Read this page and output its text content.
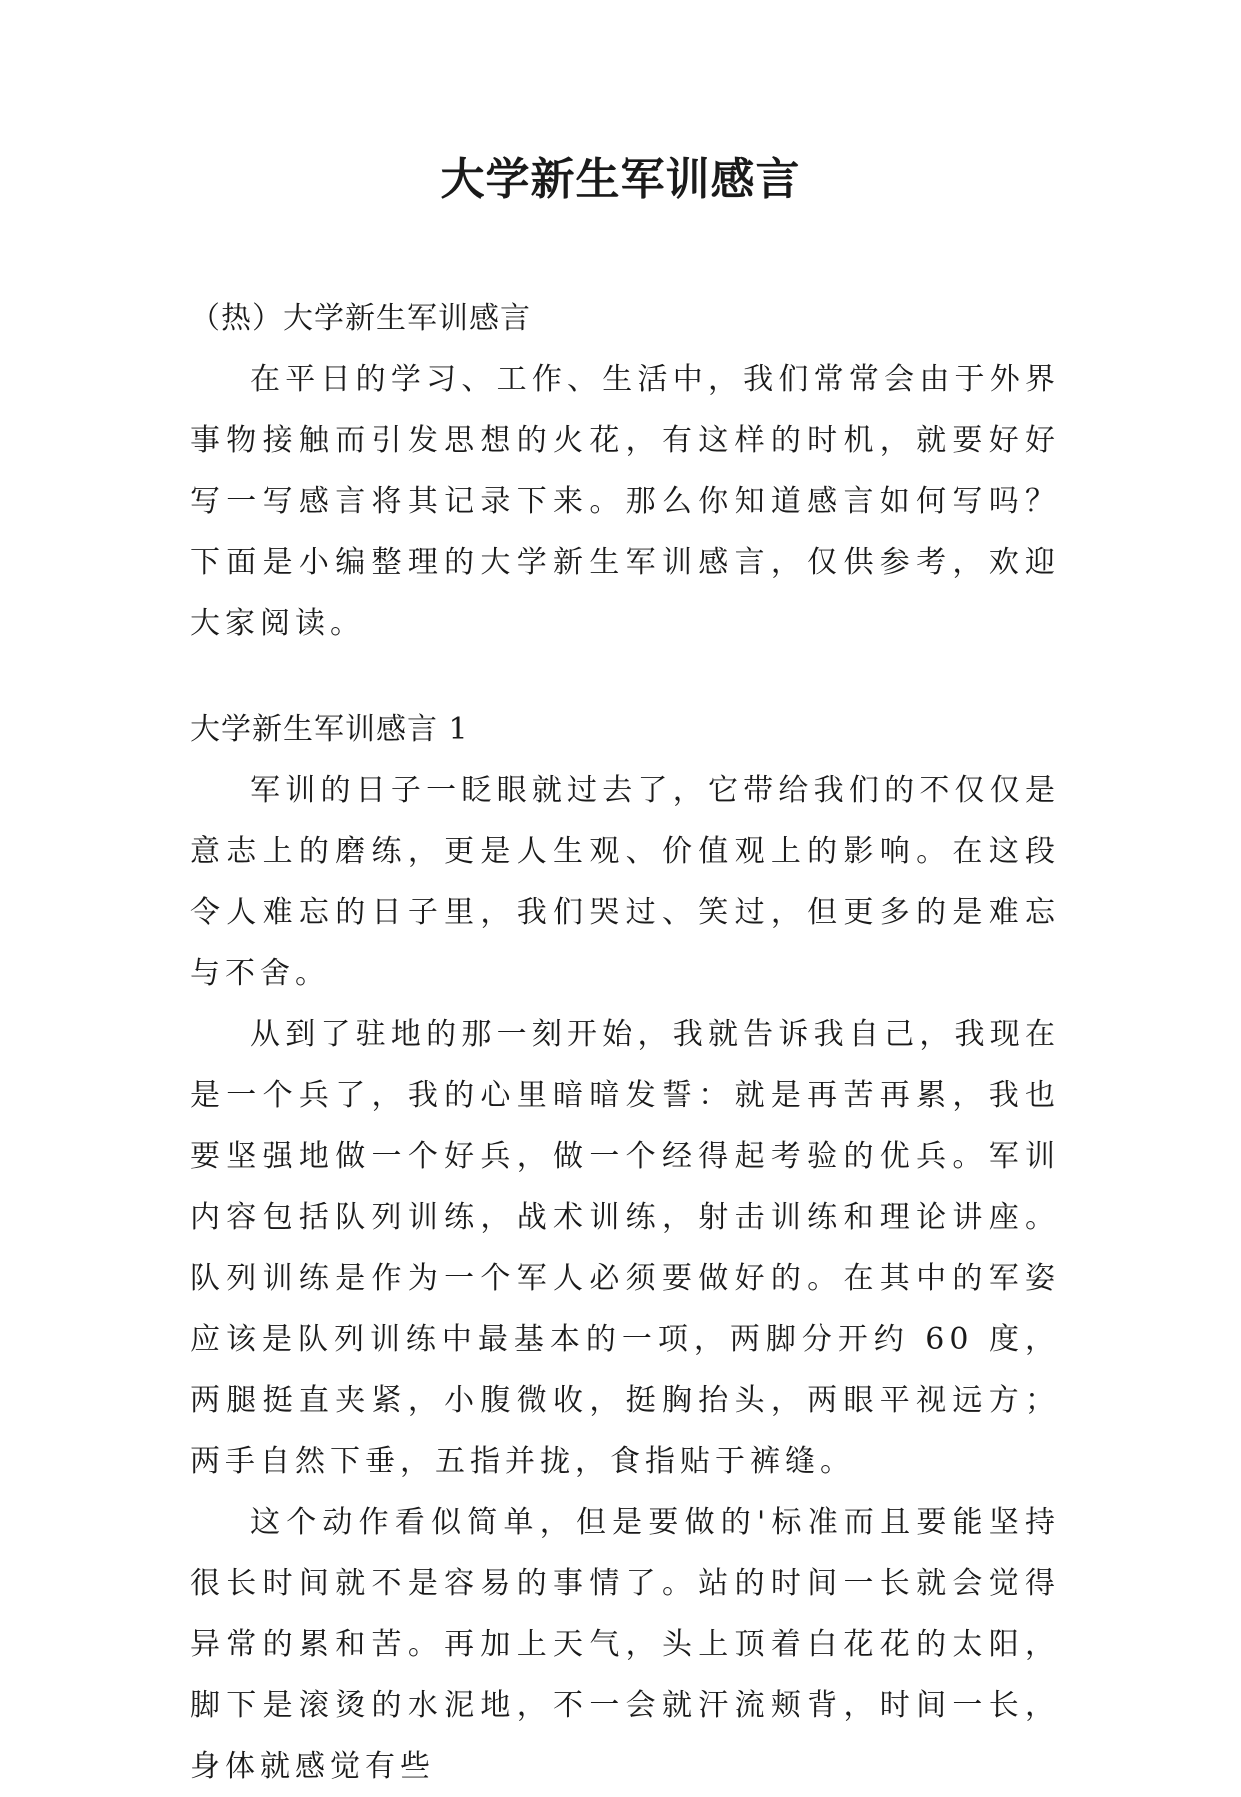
大学新生军训感言

（热）大学新生军训感言

在平日的学习、工作、生活中，我们常常会由于外界事物接触而引发思想的火花，有这样的时机，就要好好写一写感言将其记录下来。那么你知道感言如何写吗？下面是小编整理的大学新生军训感言，仅供参考，欢迎大家阅读。

大学新生军训感言 1

军训的日子一眨眼就过去了，它带给我们的不仅仅是意志上的磨练，更是人生观、价值观上的影响。在这段令人难忘的日子里，我们哭过、笑过，但更多的是难忘与不舍。

从到了驻地的那一刻开始，我就告诉我自己，我现在是一个兵了，我的心里暗暗发誓：就是再苦再累，我也要坚强地做一个好兵，做一个经得起考验的优兵。军训内容包括队列训练，战术训练，射击训练和理论讲座。队列训练是作为一个军人必须要做好的。在其中的军姿应该是队列训练中最基本的一项，两脚分开约 60 度，两腿挺直夹紧，小腹微收，挺胸抬头，两眼平视远方；两手自然下垂，五指并拢，食指贴于裤缝。

这个动作看似简单，但是要做的'标准而且要能坚持很长时间就不是容易的事情了。站的时间一长就会觉得异常的累和苦。再加上天气，头上顶着白花花的太阳，脚下是滚烫的水泥地，不一会就汗流颊背，时间一长，身体就感觉有些
